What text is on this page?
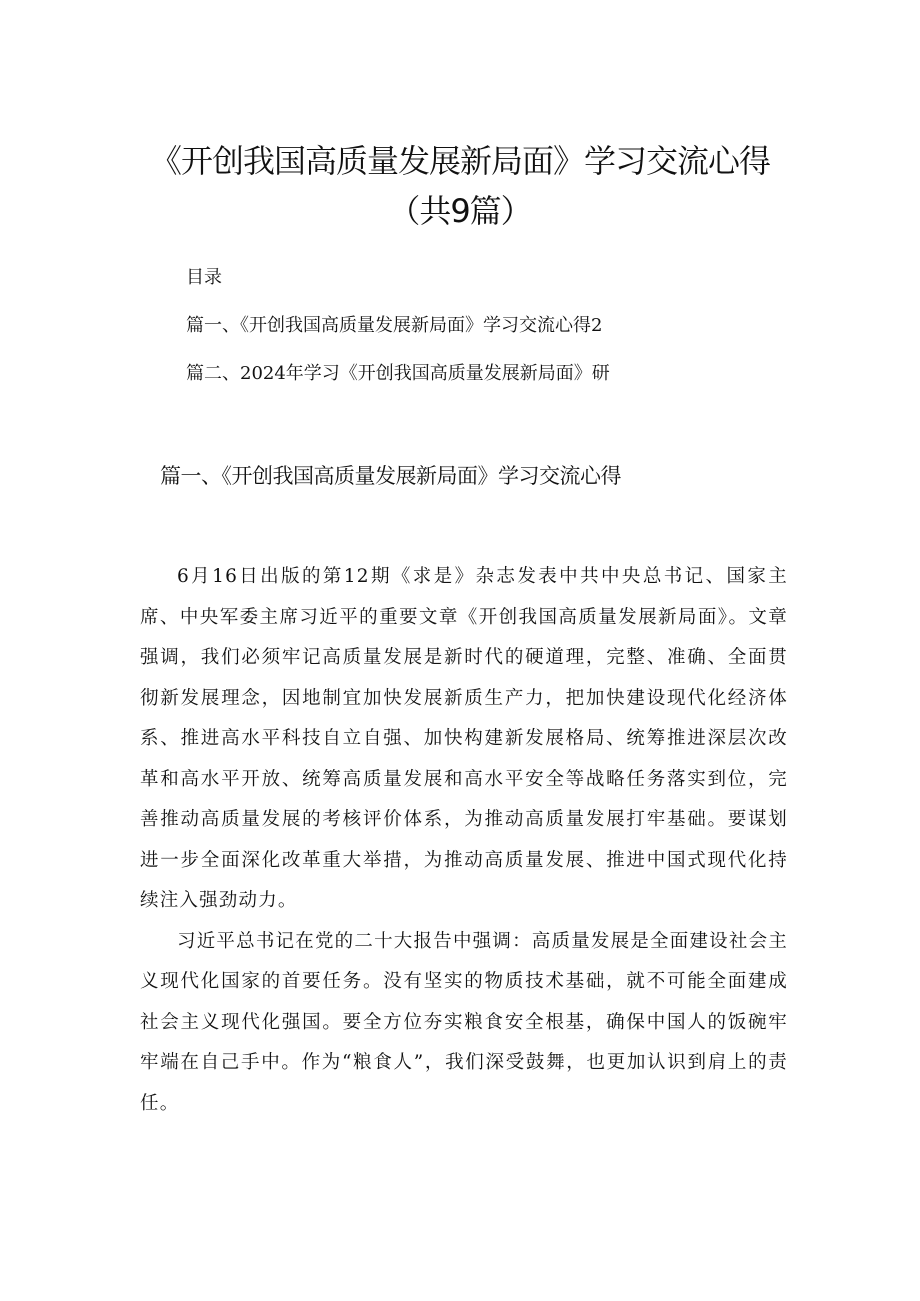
《开创我国高质量发展新局面》学习交流心得（共9篇）
目录
篇一、《开创我国高质量发展新局面》学习交流心得2
篇二、2024年学习《开创我国高质量发展新局面》研
篇一、《开创我国高质量发展新局面》学习交流心得

6月16日出版的第12期《求是》杂志发表中共中央总书记、国家主席、中央军委主席习近平的重要文章《开创我国高质量发展新局面》。文章强调，我们必须牢记高质量发展是新时代的硬道理，完整、准确、全面贯彻新发展理念，因地制宜加快发展新质生产力，把加快建设现代化经济体系、推进高水平科技自立自强、加快构建新发展格局、统筹推进深层次改革和高水平开放、统筹高质量发展和高水平安全等战略任务落实到位，完善推动高质量发展的考核评价体系，为推动高质量发展打牢基础。要谋划进一步全面深化改革重大举措，为推动高质量发展、推进中国式现代化持续注入强劲动力。

习近平总书记在党的二十大报告中强调：高质量发展是全面建设社会主义现代化国家的首要任务。没有坚实的物质技术基础，就不可能全面建成社会主义现代化强国。要全方位夯实粮食安全根基，确保中国人的饭碗牢牢端在自己手中。作为“粮食人”，我们深受鼓舞，也更加认识到肩上的责任。
